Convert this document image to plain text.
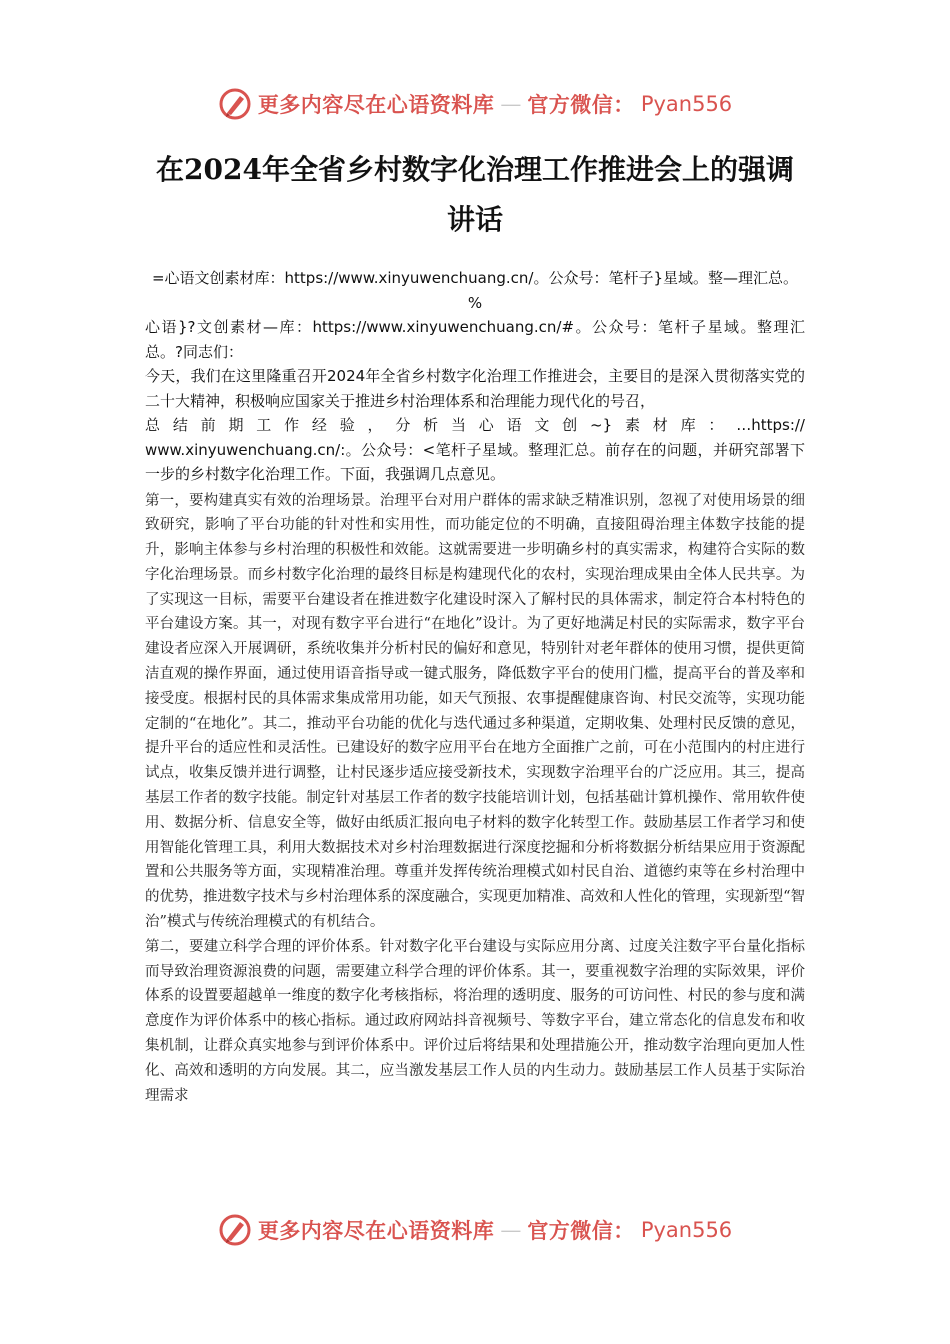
更多内容尽在心语资料库 — 官方微信： Pyan556
在2024年全省乡村数字化治理工作推进会上的强调讲话

=心语文创素材库：https://www.xinyuwenchuang.cn/。公众号：笔杆子}星域。整—理汇总。%

心语}?文创素材—库：https://www.xinyuwenchuang.cn/#。公众号：笔杆子星域。整理汇总。?同志们：

今天，我们在这里隆重召开2024年全省乡村数字化治理工作推进会，主要目的是深入贯彻落实党的二十大精神，积极响应国家关于推进乡村治理体系和治理能力现代化的号召，

总结前期工作经验，分析当心语文创~}素材库：…https://

www.xinyuwenchuang.cn/:。公众号：<笔杆子星域。整理汇总。前存在的问题，并研究部署下一步的乡村数字化治理工作。下面，我强调几点意见。

第一，要构建真实有效的治理场景。治理平台对用户群体的需求缺乏精准识别，忽视了对使用场景的细致研究，影响了平台功能的针对性和实用性，而功能定位的不明确，直接阻碍治理主体数字技能的提升，影响主体参与乡村治理的积极性和效能。这就需要进一步明确乡村的真实需求，构建符合实际的数字化治理场景。而乡村数字化治理的最终目标是构建现代化的农村，实现治理成果由全体人民共享。为了实现这一目标，需要平台建设者在推进数字化建设时深入了解村民的具体需求，制定符合本村特色的平台建设方案。其一，对现有数字平台进行“在地化”设计。为了更好地满足村民的实际需求，数字平台建设者应深入开展调研，系统收集并分析村民的偏好和意见，特别针对老年群体的使用习惯，提供更简洁直观的操作界面，通过使用语音指导或一键式服务，降低数字平台的使用门槛，提高平台的普及率和接受度。根据村民的具体需求集成常用功能，如天气预报、农事提醒健康咨询、村民交流等，实现功能定制的“在地化”。其二，推动平台功能的优化与迭代通过多种渠道，定期收集、处理村民反馈的意见，提升平台的适应性和灵活性。已建设好的数字应用平台在地方全面推广之前，可在小范围内的村庄进行试点，收集反馈并进行调整，让村民逐步适应接受新技术，实现数字治理平台的广泛应用。其三，提高基层工作者的数字技能。制定针对基层工作者的数字技能培训计划，包括基础计算机操作、常用软件使用、数据分析、信息安全等，做好由纸质汇报向电子材料的数字化转型工作。鼓励基层工作者学习和使用智能化管理工具，利用大数据技术对乡村治理数据进行深度挖掘和分析将数据分析结果应用于资源配置和公共服务等方面，实现精准治理。尊重并发挥传统治理模式如村民自治、道德约束等在乡村治理中的优势，推进数字技术与乡村治理体系的深度融合，实现更加精准、高效和人性化的管理，实现新型“智治”模式与传统治理模式的有机结合。

第二，要建立科学合理的评价体系。针对数字化平台建设与实际应用分离、过度关注数字平台量化指标而导致治理资源浪费的问题，需要建立科学合理的评价体系。其一，要重视数字治理的实际效果，评价体系的设置要超越单一维度的数字化考核指标，将治理的透明度、服务的可访问性、村民的参与度和满意度作为评价体系中的核心指标。通过政府网站抖音视频号、等数字平台，建立常态化的信息发布和收集机制，让群众真实地参与到评价体系中。评价过后将结果和处理措施公开，推动数字治理向更加人性化、高效和透明的方向发展。其二，应当激发基层工作人员的内生动力。鼓励基层工作人员基于实际治理需求

更多内容尽在心语资料库 — 官方微信： Pyan556
